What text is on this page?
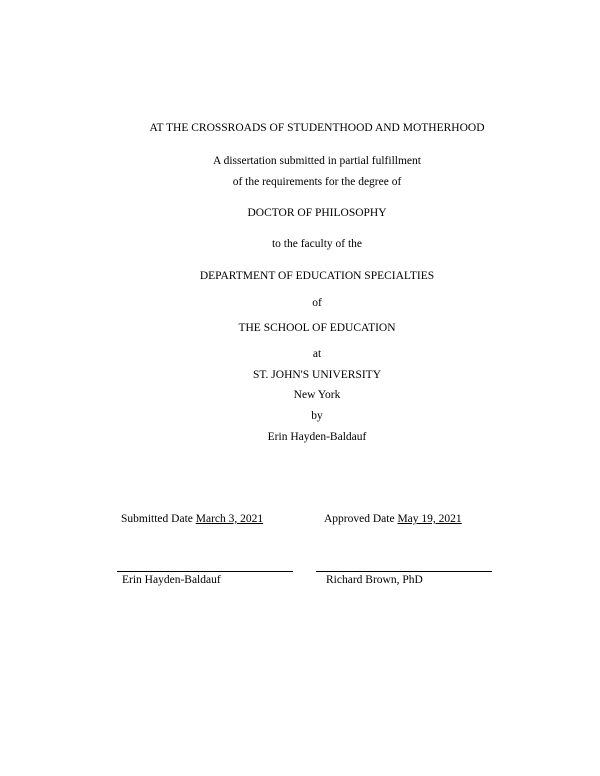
AT THE CROSSROADS OF STUDENTHOOD AND MOTHERHOOD
A dissertation submitted in partial fulfillment
of the requirements for the degree of
DOCTOR OF PHILOSOPHY
to the faculty of the
DEPARTMENT OF EDUCATION SPECIALTIES
of
THE SCHOOL OF EDUCATION
at
ST. JOHN'S UNIVERSITY
New York
by
Erin Hayden-Baldauf
Submitted Date March 3, 2021	Approved Date May 19, 2021
Erin Hayden-Baldauf	Richard Brown, PhD
